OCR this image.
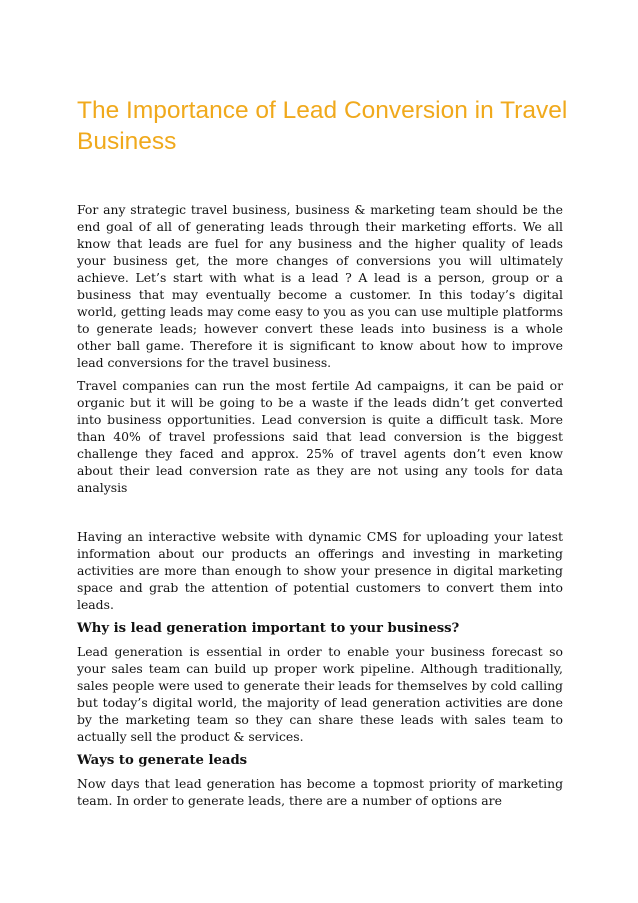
The Importance of Lead Conversion in Travel Business

For any strategic travel business, business & marketing team should be the end goal of all of generating leads through their marketing efforts. We all know that leads are fuel for any business and the higher quality of leads your business get, the more changes of conversions you will ultimately achieve. Let’s start with what is a lead ? A lead is a person, group or a business that may eventually become a customer. In this today’s digital world, getting leads may come easy to you as you can use multiple platforms to generate leads; however convert these leads into business is a whole other ball game. Therefore it is significant to know about how to improve lead conversions for the travel business.

Travel companies can run the most fertile Ad campaigns, it can be paid or organic but it will be going to be a waste if the leads didn’t get converted into business opportunities. Lead conversion is quite a difficult task. More than 40% of travel professions said that lead conversion is the biggest challenge they faced and approx. 25% of travel agents don’t even know about their lead conversion rate as they are not using any tools for data analysis

Having an interactive website with dynamic CMS for uploading your latest information about our products an offerings and investing in marketing activities are more than enough to show your presence in digital marketing space and grab the attention of potential customers to convert them into leads.

Why is lead generation important to your business?

Lead generation is essential in order to enable your business forecast so your sales team can build up proper work pipeline. Although traditionally, sales people were used to generate their leads for themselves by cold calling but today’s digital world, the majority of lead generation activities are done by the marketing team so they can share these leads with sales team to actually sell the product & services.

Ways to generate leads

Now days that lead generation has become a topmost priority of marketing team. In order to generate leads, there are a number of options are
